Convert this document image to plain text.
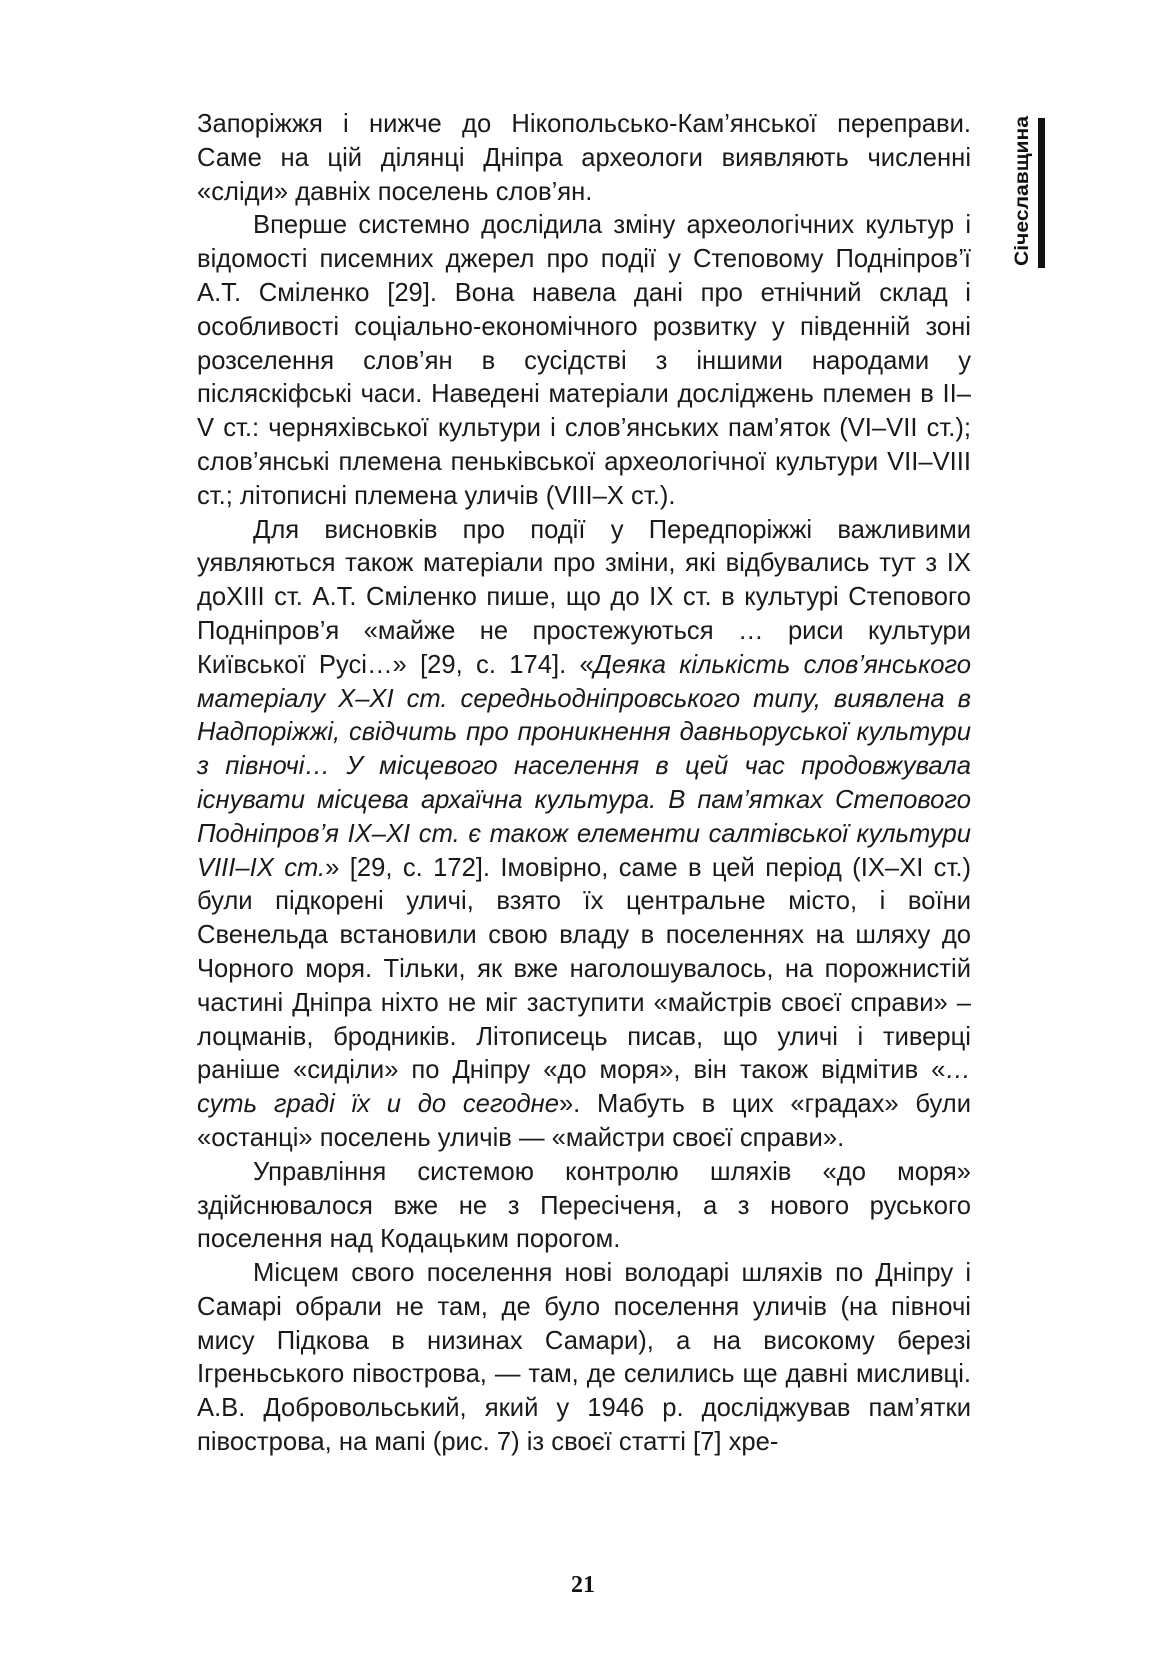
Запоріжжя і нижче до Нікопольсько-Кам’янської переправи. Саме на цій ділянці Дніпра археологи виявляють численні «сліди» давніх поселень слов’ян.

Вперше системно дослідила зміну археологічних культур і відомості писемних джерел про події у Степовому Подніпров’ї А.Т. Сміленко [29]. Вона навела дані про етнічний склад і особливості соціально-економічного розвитку у південній зоні розселення слов’ян в сусідстві з іншими народами у післяскіфські часи. Наведені матеріали досліджень племен в II–V ст.: черняхівської культури і слов’янських пам’яток (VI–VII ст.); слов’янські племена пеньківської археологічної культури VII–VIII ст.; літописні племена уличів (VIII–X ст.).

Для висновків про події у Передпоріжжі важливими уявляються також матеріали про зміни, які відбувались тут з IX доXIII ст. А.Т. Сміленко пише, що до IX ст. в культурі Степового Подніпров’я «майже не простежуються … риси культури Київської Русі…» [29, с. 174]. «Деяка кількість слов’янського матеріалу X–XI ст. середньодніпровського типу, виявлена в Надпоріжжі, свідчить про проникнення давньоруської культури з півночі… У місцевого населення в цей час продовжувала існувати місцева архаїчна культура. В пам’ятках Степового Подніпров’я IX–XI ст. є також елементи салтівської культури VIII–IX ст.» [29, с. 172]. Імовірно, саме в цей період (IX–XI ст.) були підкорені уличі, взято їх центральне місто, і воїни Свенельда встановили свою владу в поселеннях на шляху до Чорного моря. Тільки, як вже наголошувалось, на порожнистій частині Дніпра ніхто не міг заступити «майстрів своєї справи» – лоцманів, бродників. Літописець писав, що уличі і тиверці раніше «сиділи» по Дніпру «до моря», він також відмітив «… суть граді їх и до сегодне». Мабуть в цих «градах» були «останці» поселень уличів — «майстри своєї справи».

Управління системою контролю шляхів «до моря» здійснювалося вже не з Пересіченя, а з нового руського поселення над Кодацьким порогом.

Місцем свого поселення нові володарі шляхів по Дніпру і Самарі обрали не там, де було поселення уличів (на півночі мису Підкова в низинах Самари), а на високому березі Ігреньського півострова, — там, де селились ще давні мисливці. А.В. Добровольський, який у 1946 р. досліджував пам’ятки півострова, на мапі (рис. 7) із своєї статті [7] хре-

Січеславщина
21
